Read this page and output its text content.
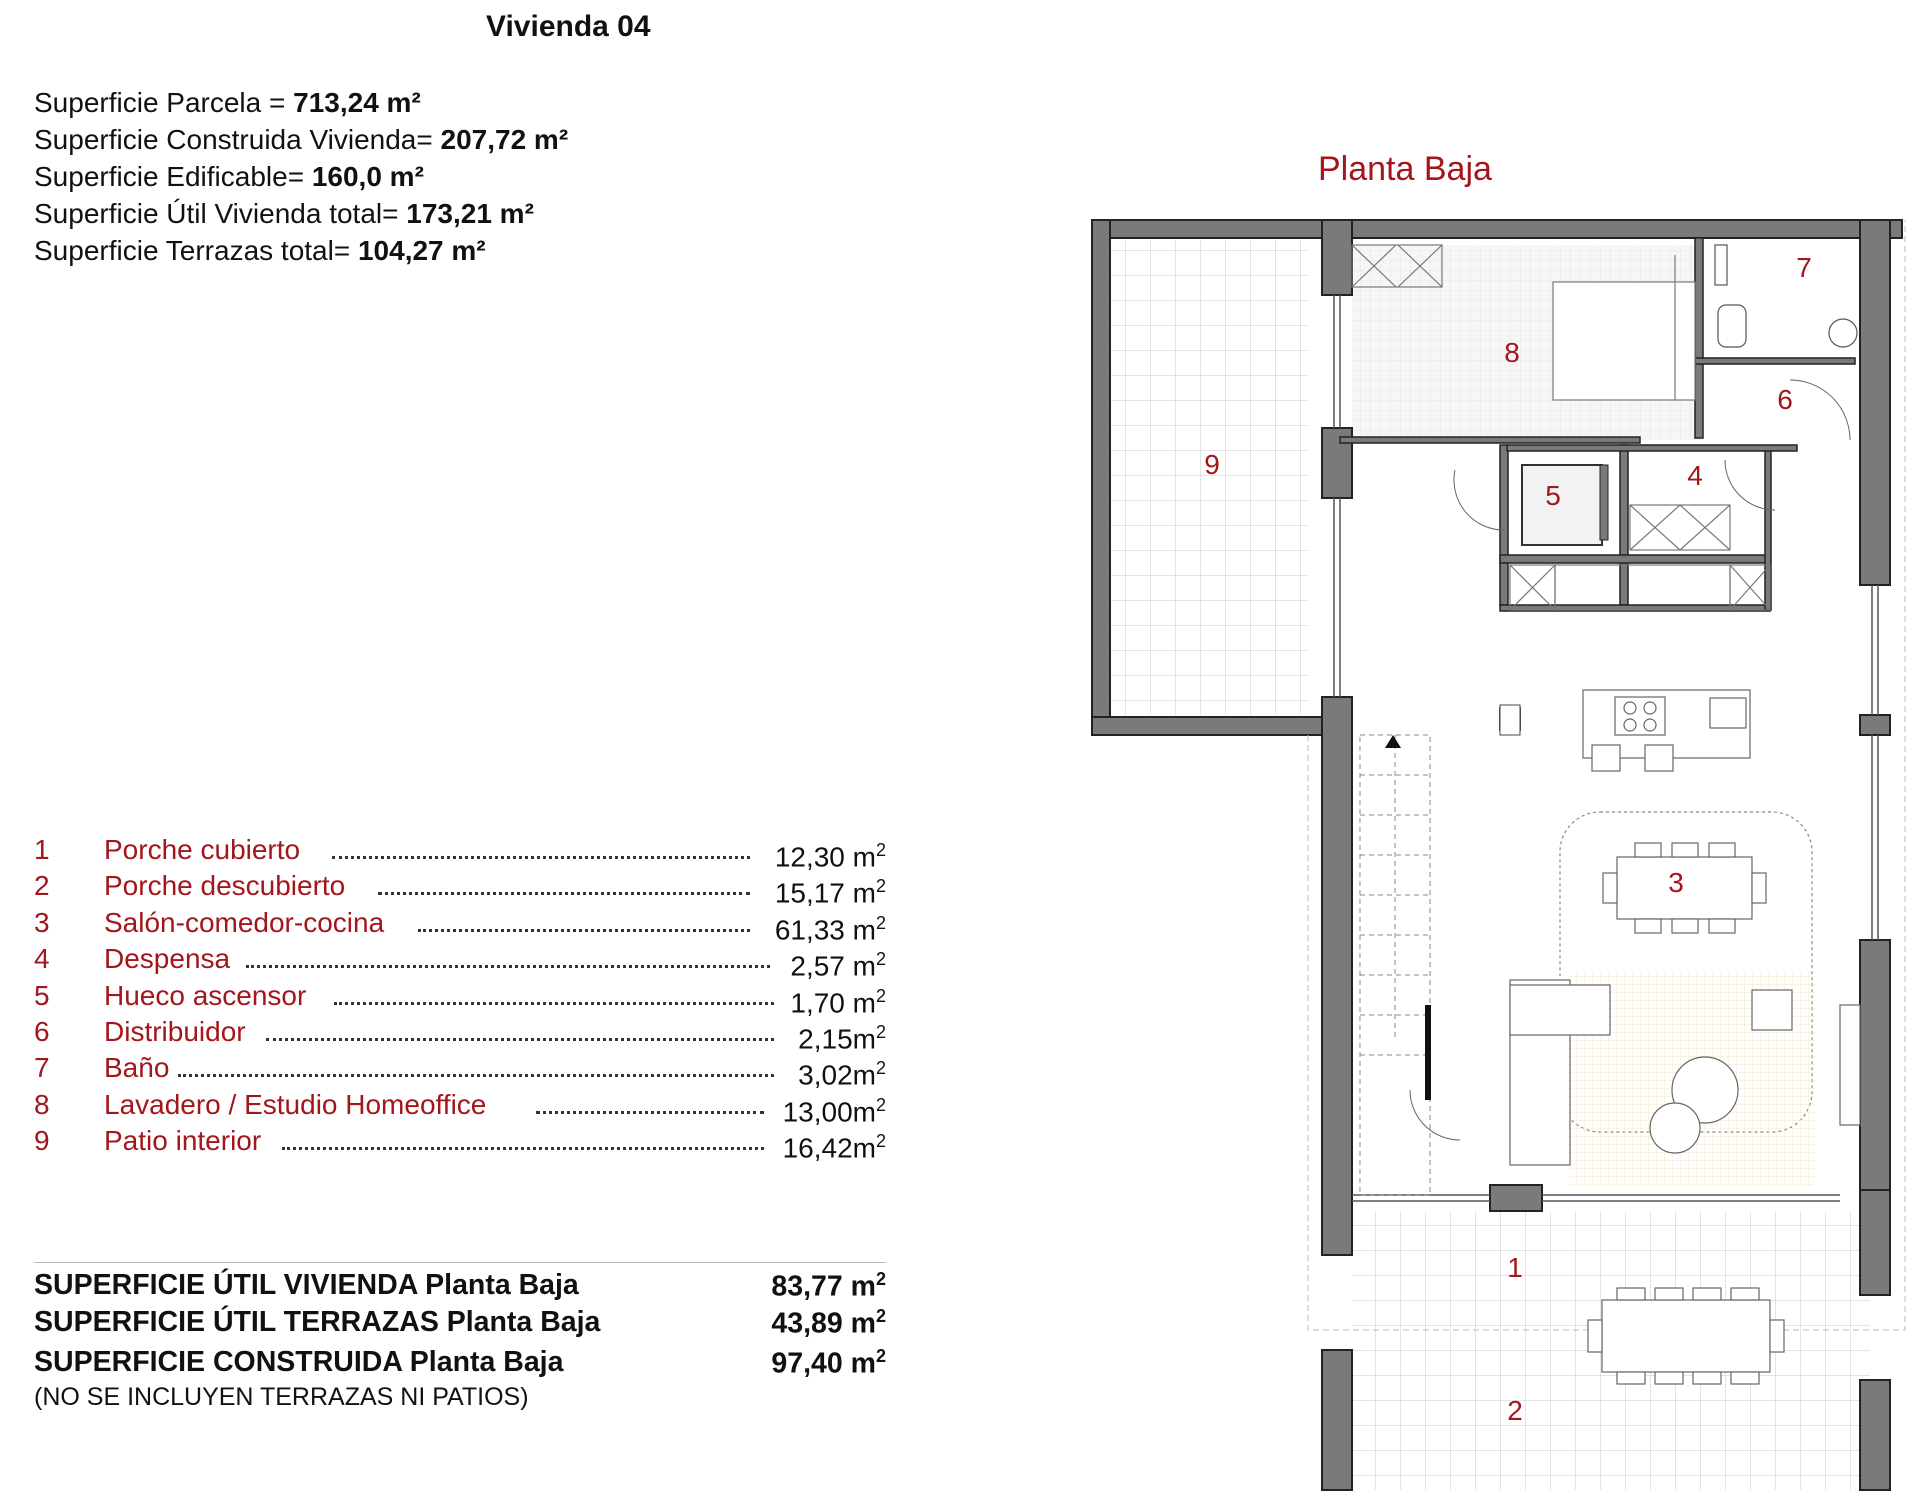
Vivienda 04
Superficie Parcela = 713,24 m²
Superficie Construida Vivienda= 207,72 m²
Superficie Edificable= 160,0 m²
Superficie Útil Vivienda total= 173,21 m²
Superficie Terrazas total= 104,27 m²
Planta Baja
1 Porche cubierto	12,30 $m^2$
2 Porche descubierto	15,17 $m^2$
3 Salón-comedor-cocina	61,33 $m^2$
4 Despensa	2,57 $m^2$
5 Hueco ascensor	1,70 $m^2$
6 Distribuidor	$2,15m^2$
7 Baño	$3,02m^2$
8 Lavadero / Estudio Homeoffice	$13,00m^2$
9 Patio interior	$16,42m^2$
SUPERFICIE ÚTIL VIVIENDA Planta Baja	83,77 $m^2$
SUPERFICIE ÚTIL TERRAZAS Planta Baja	43,89 $m^2$
SUPERFICIE CONSTRUIDA Planta Baja	97,40 $m^2$
(NO SE INCLUYEN TERRAZAS NI PATIOS)
1
2
3
4
5
6
7
8
9
